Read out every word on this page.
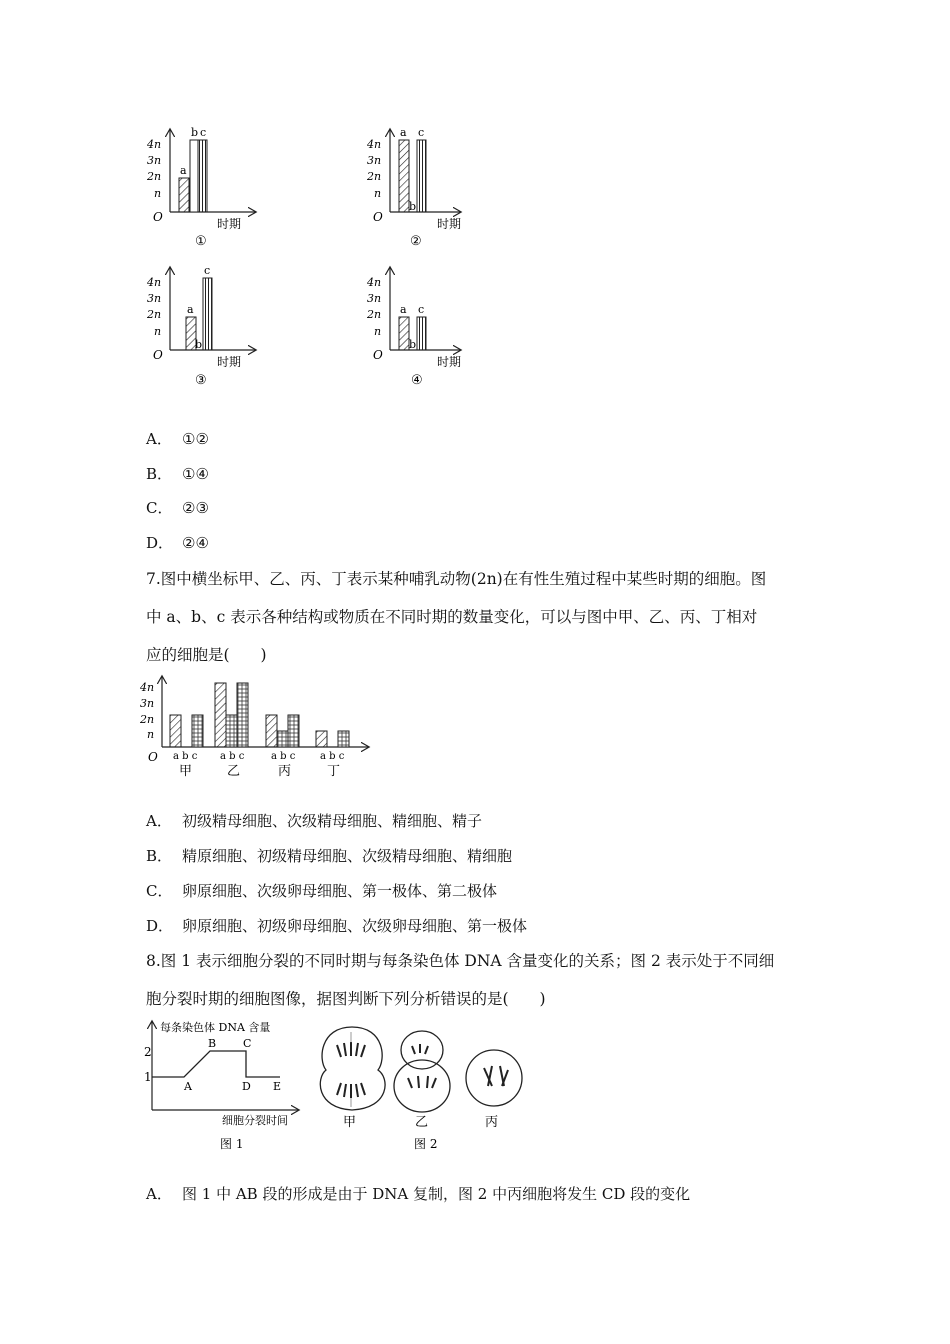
4n
3n
2n
n
O
a
b c
时期
①
4n
3n
2n
n
O
a
b
c
时期
②
4n
3n
2n
n
O
a
b
c
时期
③
4n
3n
2n
n
O
a
b
c
时期
④
4n
3n
2n
n
O a b c a b c	a b c a b c
甲	乙	丙	丁
每条染色体 DNA 含量
2
1
A
B C
D E
细胞分裂时间
图 1
甲	乙	丙
图 2
A． ①②
B． ①④
C． ②③
D． ②④
7.图中横坐标甲、乙、丙、丁表示某种哺乳动物(2n)在有性生殖过程中某些时期的细胞。图
中 a、b、c 表示各种结构或物质在不同时期的数量变化，可以与图中甲、乙、丙、丁相对
应的细胞是(　　)
A． 初级精母细胞、次级精母细胞、精细胞、精子
B． 精原细胞、初级精母细胞、次级精母细胞、精细胞
C． 卵原细胞、次级卵母细胞、第一极体、第二极体
D． 卵原细胞、初级卵母细胞、次级卵母细胞、第一极体
8.图 1 表示细胞分裂的不同时期与每条染色体 DNA 含量变化的关系；图 2 表示处于不同细
胞分裂时期的细胞图像，据图判断下列分析错误的是(　　)
A． 图 1 中 AB 段的形成是由于 DNA 复制，图 2 中丙细胞将发生 CD 段的变化
